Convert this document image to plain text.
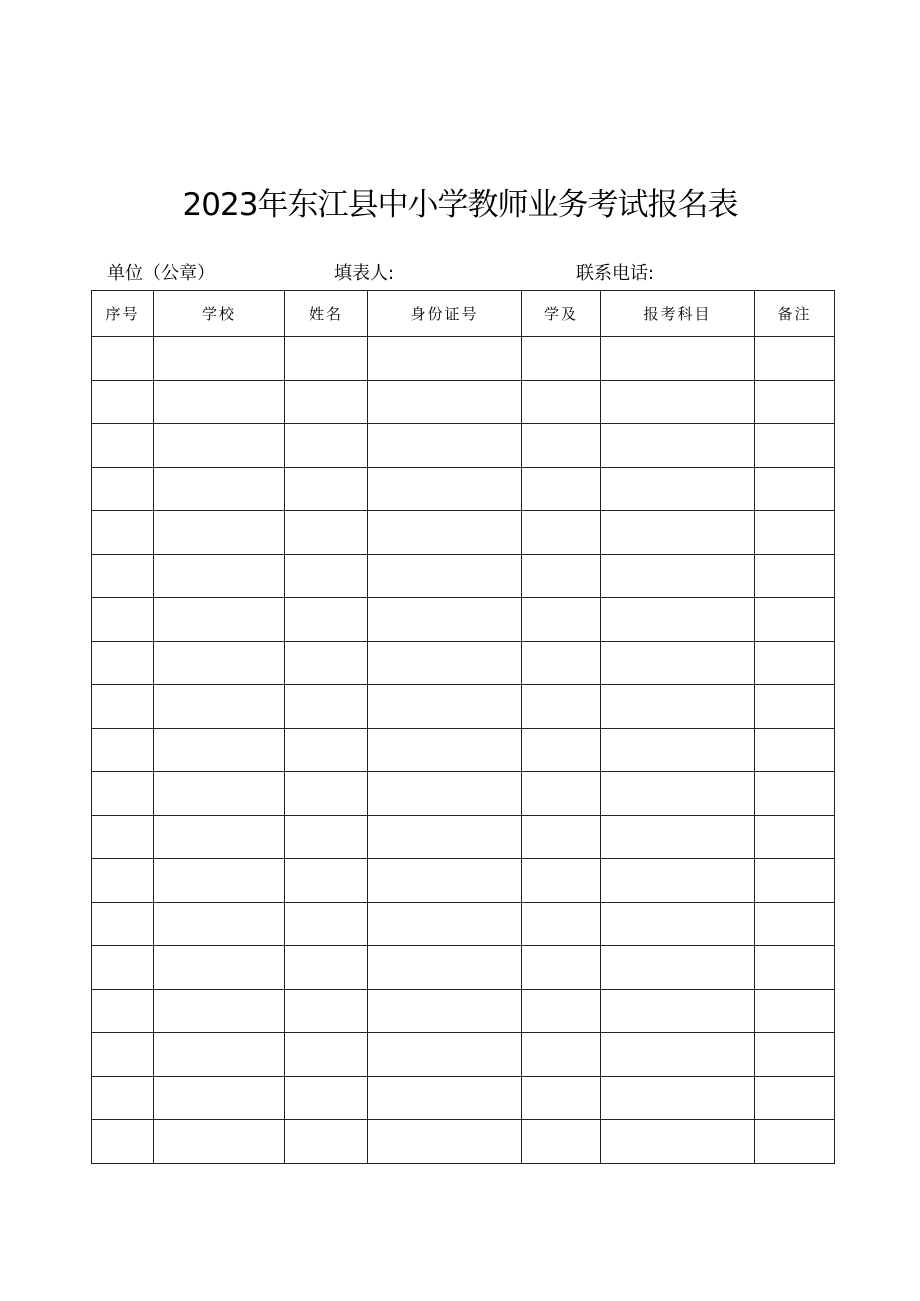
2023年东江县中小学教师业务考试报名表
单位（公章）	填表人:	联系电话:
序号	学校	姓名	身份证号	学及	报考科目	备注
